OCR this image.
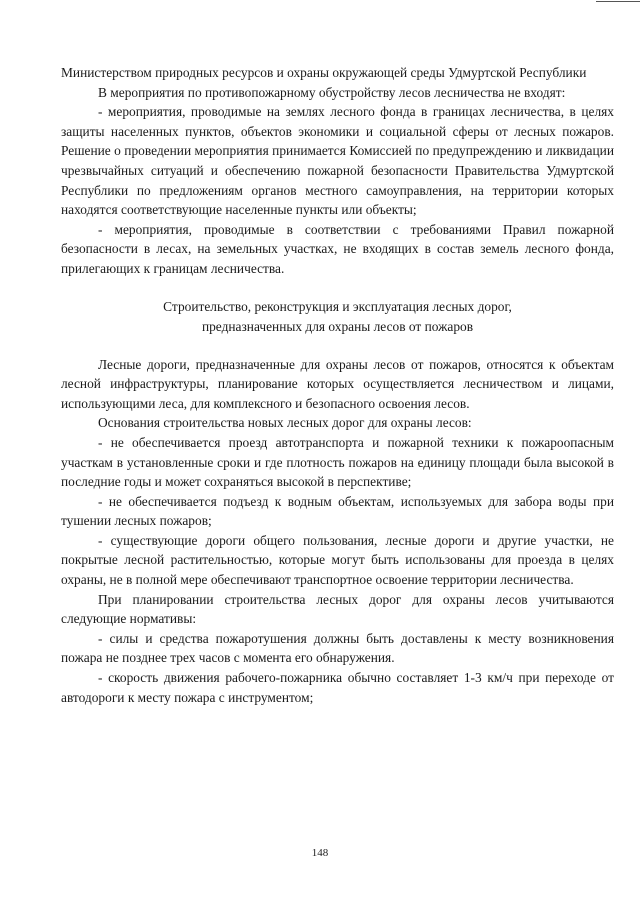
Министерством природных ресурсов и охраны окружающей среды Удмуртской Республики

В мероприятия по противопожарному обустройству лесов лесничества не входят:

- мероприятия, проводимые на землях лесного фонда в границах лесничества, в целях защиты населенных пунктов, объектов экономики и социальной сферы от лесных пожаров. Решение о проведении мероприятия принимается Комиссией по предупреждению и ликвидации чрезвычайных ситуаций и обеспечению пожарной безопасности Правительства Удмуртской Республики по предложениям органов местного самоуправления, на территории которых находятся соответствующие населенные пункты или объекты;

- мероприятия, проводимые в соответствии с требованиями Правил пожарной безопасности в лесах, на земельных участках, не входящих в состав земель лесного фонда, прилегающих к границам лесничества.

Строительство, реконструкция и эксплуатация лесных дорог,
предназначенных для охраны лесов от пожаров

Лесные дороги, предназначенные для охраны лесов от пожаров, относятся к объектам лесной инфраструктуры, планирование которых осуществляется лесничеством и лицами, использующими леса, для комплексного и безопасного освоения лесов.

Основания строительства новых лесных дорог для охраны лесов:

- не обеспечивается проезд автотранспорта и пожарной техники к пожароопасным участкам в установленные сроки и где плотность пожаров на единицу площади была высокой в последние годы и может сохраняться высокой в перспективе;

- не обеспечивается подъезд к водным объектам, используемых для забора воды при тушении лесных пожаров;

- существующие дороги общего пользования, лесные дороги и другие участки, не покрытые лесной растительностью, которые могут быть использованы для проезда в целях охраны, не в полной мере обеспечивают транспортное освоение территории лесничества.

При планировании строительства лесных дорог для охраны лесов учитываются следующие нормативы:

- силы и средства пожаротушения должны быть доставлены к месту возникновения пожара не позднее трех часов с момента его обнаружения.

- скорость движения рабочего-пожарника обычно составляет 1-3 км/ч при переходе от автодороги к месту пожара с инструментом;

148
